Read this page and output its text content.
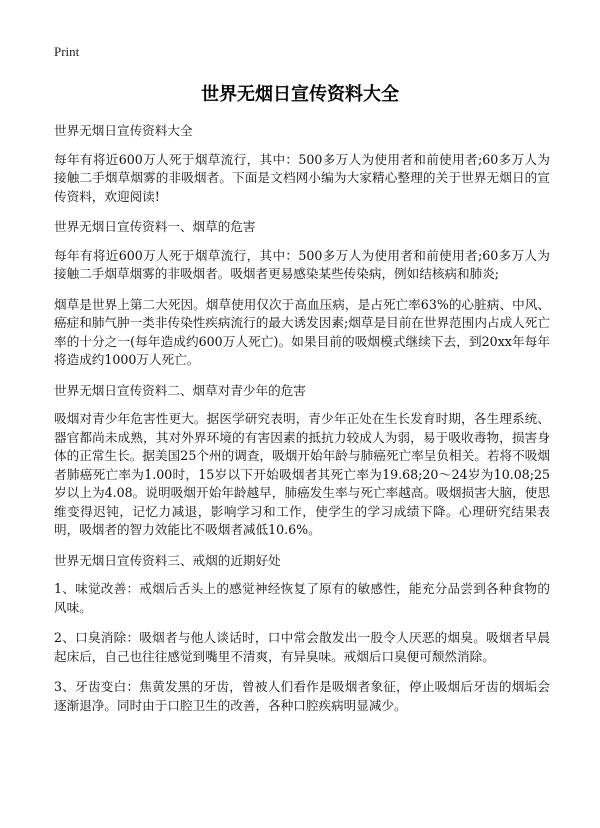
Print
世界无烟日宣传资料大全

世界无烟日宣传资料大全

每年有将近600万人死于烟草流行，其中：500多万人为使用者和前使用者;60多万人为接触二手烟草烟雾的非吸烟者。下面是文档网小编为大家精心整理的关于世界无烟日的宣传资料，欢迎阅读!

世界无烟日宣传资料一、烟草的危害

每年有将近600万人死于烟草流行，其中：500多万人为使用者和前使用者;60多万人为接触二手烟草烟雾的非吸烟者。吸烟者更易感染某些传染病，例如结核病和肺炎;

烟草是世界上第二大死因。烟草使用仅次于高血压病，是占死亡率63%的心脏病、中风、癌症和肺气肿一类非传染性疾病流行的最大诱发因素;烟草是目前在世界范围内占成人死亡率的十分之一(每年造成约600万人死亡)。如果目前的吸烟模式继续下去，到20xx年每年将造成约1000万人死亡。

世界无烟日宣传资料二、烟草对青少年的危害

吸烟对青少年危害性更大。据医学研究表明，青少年正处在生长发育时期，各生理系统、器官都尚未成熟，其对外界环境的有害因素的抵抗力较成人为弱，易于吸收毒物，损害身体的正常生长。据美国25个州的调查，吸烟开始年龄与肺癌死亡率呈负相关。若将不吸烟者肺癌死亡率为1.00时，15岁以下开始吸烟者其死亡率为19.68;20～24岁为10.08;25岁以上为4.08。说明吸烟开始年龄越早，肺癌发生率与死亡率越高。吸烟损害大脑，使思维变得迟钝，记忆力减退，影响学习和工作，使学生的学习成绩下降。心理研究结果表明，吸烟者的智力效能比不吸烟者减低10.6%。

世界无烟日宣传资料三、戒烟的近期好处

1、味觉改善：戒烟后舌头上的感觉神经恢复了原有的敏感性，能充分品尝到各种食物的风味。

2、口臭消除：吸烟者与他人谈话时，口中常会散发出一股令人厌恶的烟臭。吸烟者早晨起床后，自己也往往感觉到嘴里不清爽，有异臭味。戒烟后口臭便可颓然消除。

3、牙齿变白：焦黄发黑的牙齿，曾被人们看作是吸烟者象征，停止吸烟后牙齿的烟垢会逐渐退净。同时由于口腔卫生的改善，各种口腔疾病明显减少。
